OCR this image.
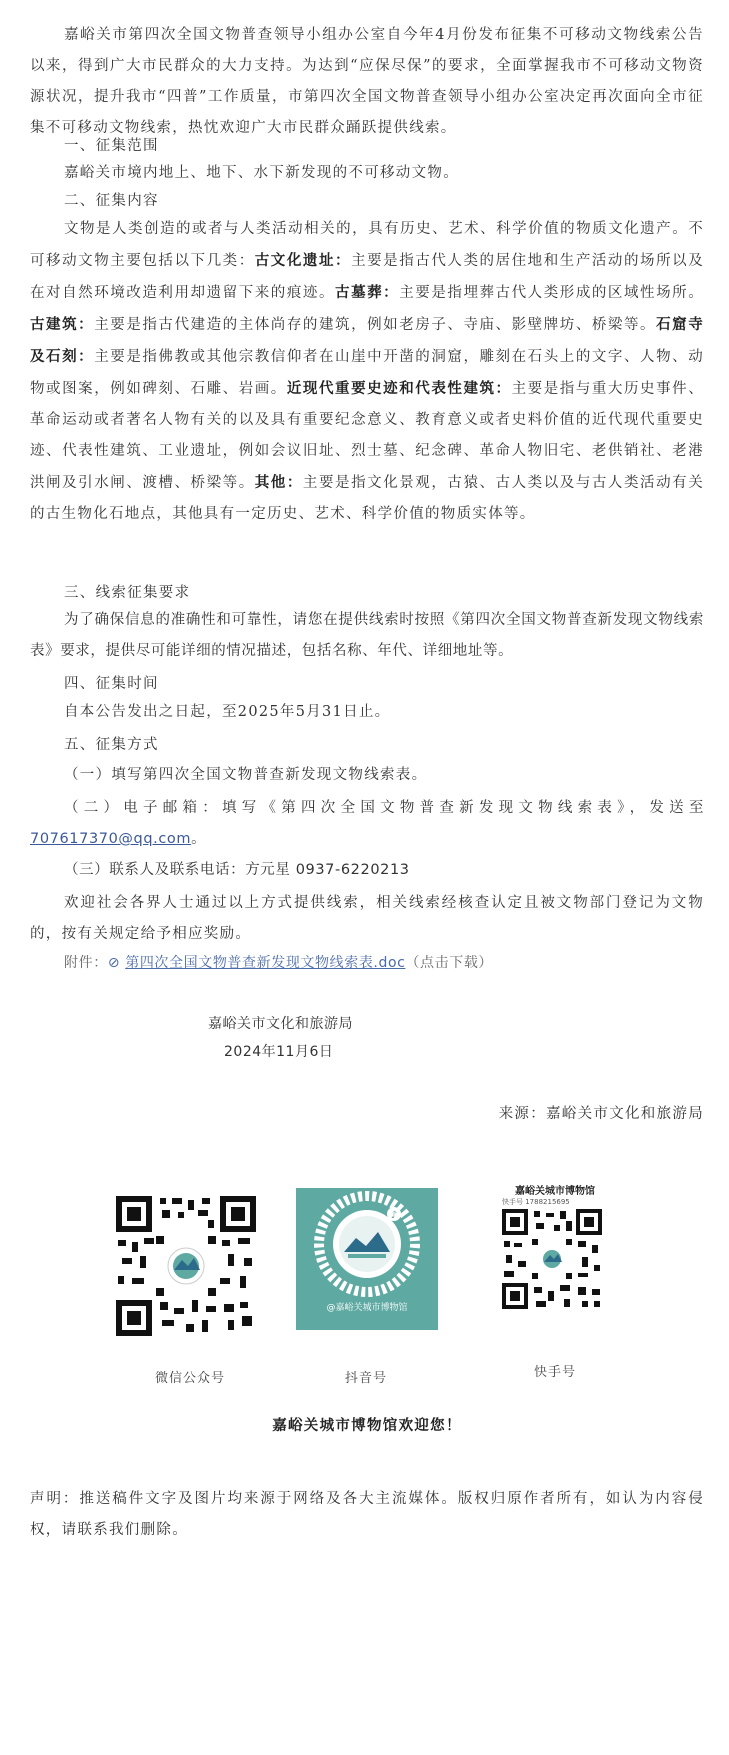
嘉峪关市第四次全国文物普查领导小组办公室自今年4月份发布征集不可移动文物线索公告以来，得到广大市民群众的大力支持。为达到“应保尽保”的要求，全面掌握我市不可移动文物资源状况，提升我市“四普”工作质量，市第四次全国文物普查领导小组办公室决定再次面向全市征集不可移动文物线索，热忱欢迎广大市民群众踊跃提供线索。
一、征集范围
嘉峪关市境内地上、地下、水下新发现的不可移动文物。
二、征集内容
文物是人类创造的或者与人类活动相关的，具有历史、艺术、科学价值的物质文化遗产。不可移动文物主要包括以下几类：古文化遗址：主要是指古代人类的居住地和生产活动的场所以及在对自然环境改造利用却遗留下来的痕迹。古墓葬：主要是指埋葬古代人类形成的区域性场所。古建筑：主要是指古代建造的主体尚存的建筑，例如老房子、寺庙、影壁牌坊、桥梁等。石窟寺及石刻：主要是指佛教或其他宗教信仰者在山崖中开凿的洞窟，雕刻在石头上的文字、人物、动物或图案，例如碑刻、石雕、岩画。近现代重要史迹和代表性建筑：主要是指与重大历史事件、革命运动或者著名人物有关的以及具有重要纪念意义、教育意义或者史料价值的近代现代重要史迹、代表性建筑、工业遗址，例如会议旧址、烈士墓、纪念碑、革命人物旧宅、老供销社、老港洪闸及引水闸、渡槽、桥梁等。其他：主要是指文化景观，古猿、古人类以及与古人类活动有关的古生物化石地点，其他具有一定历史、艺术、科学价值的物质实体等。
三、线索征集要求
为了确保信息的准确性和可靠性，请您在提供线索时按照《第四次全国文物普查新发现文物线索表》要求，提供尽可能详细的情况描述，包括名称、年代、详细地址等。
四、征集时间
自本公告发出之日起，至2025年5月31日止。
五、征集方式
（一）填写第四次全国文物普查新发现文物线索表。
（二）电子邮箱：填写《第四次全国文物普查新发现文物线索表》，发送至707617370@qq.com。
（三）联系人及联系电话：方元星 0937-6220213
欢迎社会各界人士通过以上方式提供线索，相关线索经核查认定且被文物部门登记为文物的，按有关规定给予相应奖励。
附件：⊘ 第四次全国文物普查新发现文物线索表.doc（点击下载）
嘉峪关市文化和旅游局
2024年11月6日
来源：嘉峪关市文化和旅游局
微信公众号
♪
@嘉峪关城市博物馆
抖音号
嘉峪关城市博物馆
快手号 1788215695
快手号
嘉峪关城市博物馆欢迎您！
声明：推送稿件文字及图片均来源于网络及各大主流媒体。版权归原作者所有，如认为内容侵权，请联系我们删除。
